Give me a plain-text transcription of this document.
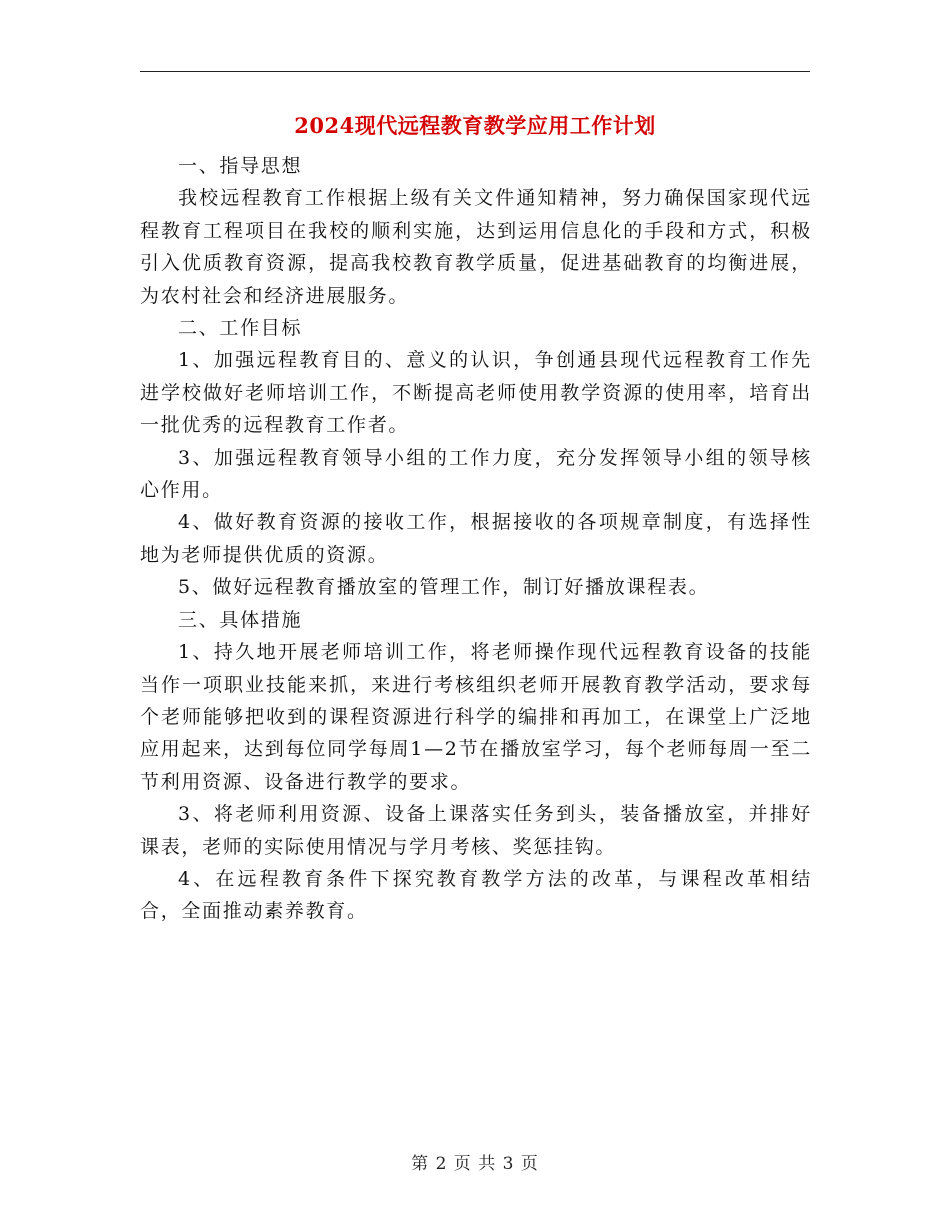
2024现代远程教育教学应用工作计划

一、指导思想

我校远程教育工作根据上级有关文件通知精神，努力确保国家现代远程教育工程项目在我校的顺利实施，达到运用信息化的手段和方式，积极引入优质教育资源，提高我校教育教学质量，促进基础教育的均衡进展，为农村社会和经济进展服务。

二、工作目标

1、加强远程教育目的、意义的认识，争创通县现代远程教育工作先进学校做好老师培训工作，不断提高老师使用教学资源的使用率，培育出一批优秀的远程教育工作者。

3、加强远程教育领导小组的工作力度，充分发挥领导小组的领导核心作用。

4、做好教育资源的接收工作，根据接收的各项规章制度，有选择性地为老师提供优质的资源。

5、做好远程教育播放室的管理工作，制订好播放课程表。

三、具体措施

1、持久地开展老师培训工作，将老师操作现代远程教育设备的技能当作一项职业技能来抓，来进行考核组织老师开展教育教学活动，要求每个老师能够把收到的课程资源进行科学的编排和再加工，在课堂上广泛地应用起来，达到每位同学每周1—2节在播放室学习，每个老师每周一至二节利用资源、设备进行教学的要求。

3、将老师利用资源、设备上课落实任务到头，装备播放室，并排好课表，老师的实际使用情况与学月考核、奖惩挂钩。

4、在远程教育条件下探究教育教学方法的改革，与课程改革相结合，全面推动素养教育。

第 2 页 共 3 页
